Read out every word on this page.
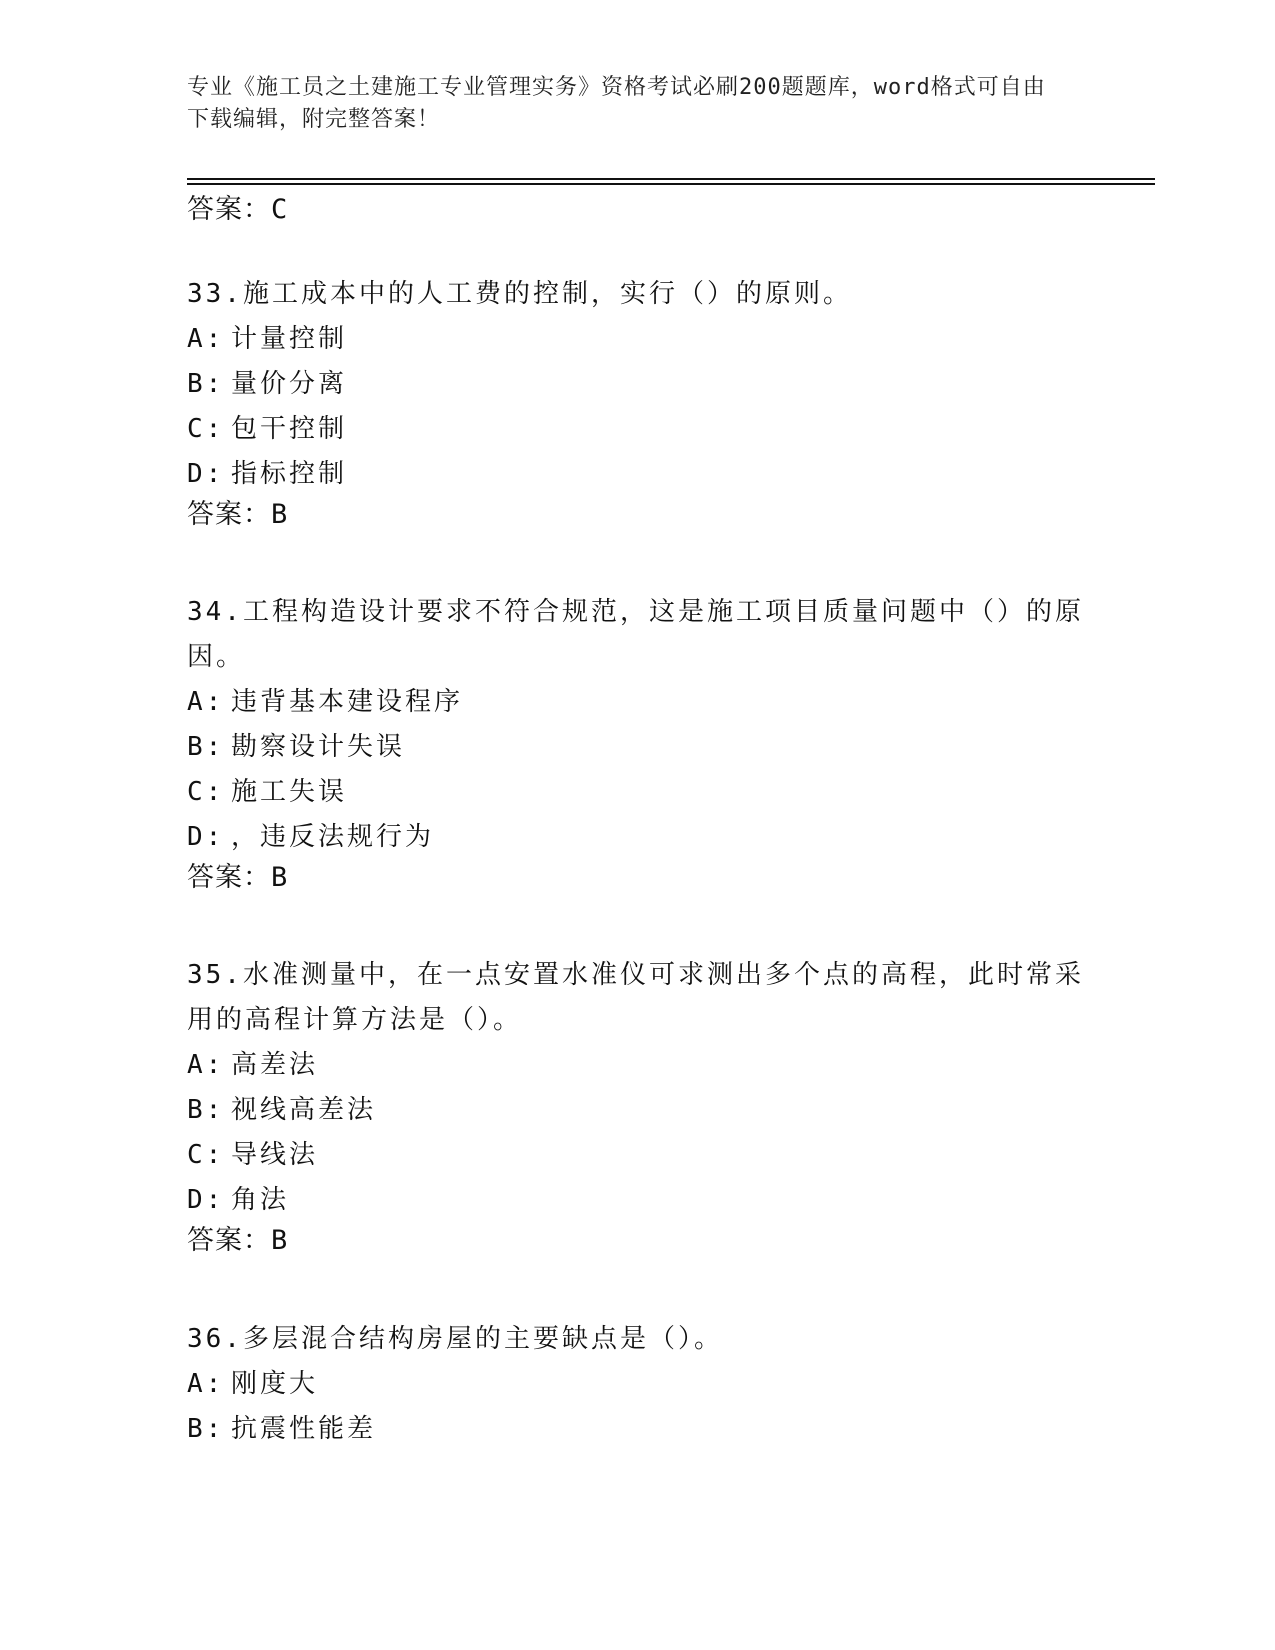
专业《施工员之土建施工专业管理实务》资格考试必刷200题题库，word格式可自由下载编辑，附完整答案！
答案：C
33.施工成本中的人工费的控制，实行（）的原则。
A: 计量控制
B: 量价分离
C: 包干控制
D: 指标控制
答案：B
34.工程构造设计要求不符合规范，这是施工项目质量问题中（）的原因。
A: 违背基本建设程序
B: 勘察设计失误
C: 施工失误
D: ，违反法规行为
答案：B
35.水准测量中，在一点安置水准仪可求测出多个点的高程，此时常采用的高程计算方法是（）。
A: 高差法
B: 视线高差法
C: 导线法
D: 角法
答案：B
36.多层混合结构房屋的主要缺点是（）。
A: 刚度大
B: 抗震性能差
